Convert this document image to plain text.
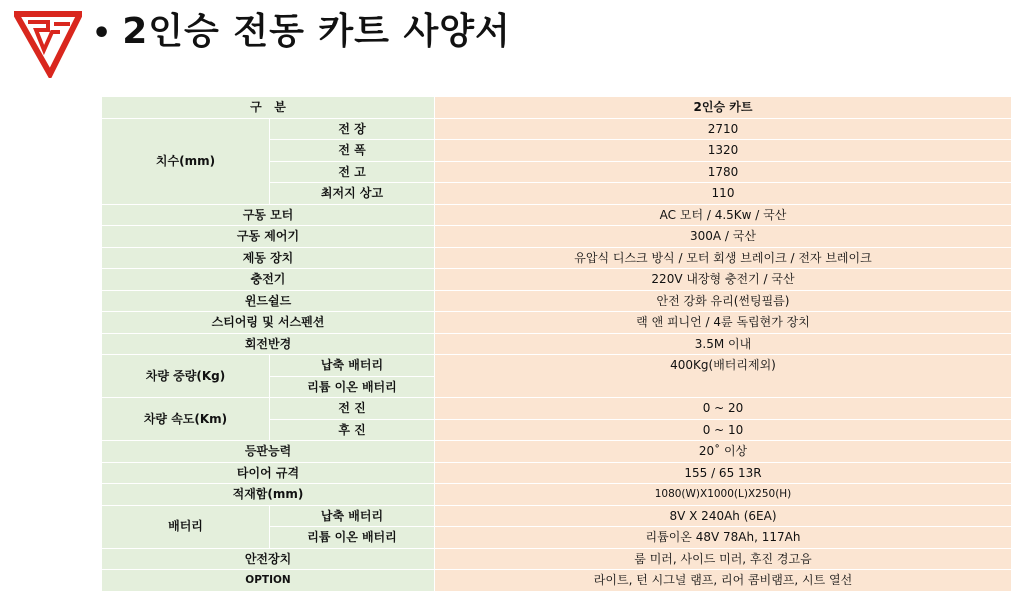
• 2인승 전동 카트 사양서
구   분		2인승 카트
치수(mm)	전 장	2710
	전 폭	1320
	전 고	1780
	최저지 상고	110
구동 모터		AC 모터 / 4.5Kw / 국산
구동 제어기		300A / 국산
제동 장치		유압식 디스크 방식 / 모터 회생 브레이크 / 전자 브레이크
충전기		220V 내장형 충전기 / 국산
윈드쉴드		안전 강화 유리(썬팅필름)
스티어링 및 서스펜션		랙 앤 피니언 / 4륜 독립현가 장치
회전반경		3.5M 이내
차량 중량(Kg)	납축 배터리	400Kg(배터리제외)
	리튬 이온 배터리	
차량 속도(Km)	전 진	0 ~ 20
	후 진	0 ~ 10
등판능력		20˚ 이상
타이어 규격		155 / 65 13R
적재함(mm)		1080(W)X1000(L)X250(H)
배터리	납축 배터리	8V X 240Ah (6EA)
	리튬 이온 배터리	리튬이온 48V 78Ah, 117Ah
안전장치		룸 미러, 사이드 미러, 후진 경고음
OPTION		라이트, 턴 시그널 램프, 리어 콤비램프, 시트 열선
